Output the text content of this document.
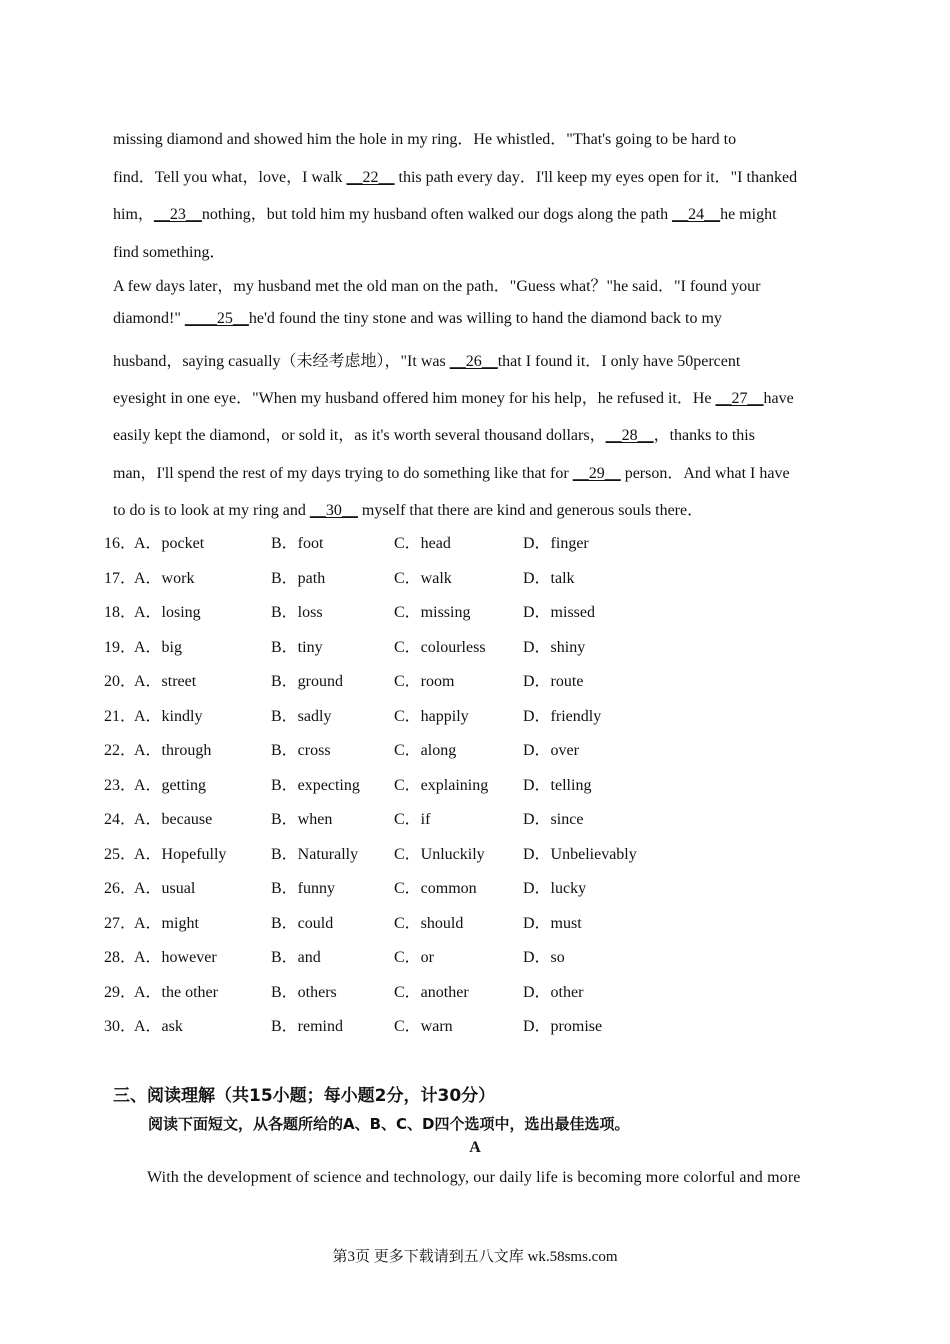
missing diamond and showed him the hole in my ring．He whistled．"That's going to be hard to
find．Tell you what，love，I walk __22__ this path every day．I'll keep my eyes open for it．"I thanked
him，__23__nothing，but told him my husband often walked our dogs along the path __24__he might
find something．
A few days later，my husband met the old man on the path．"Guess what？"he said．"I found your
diamond!" ____25__he'd found the tiny stone and was willing to hand the diamond back to my
husband，saying casually（未经考虑地），"It was __26__that I found it．I only have 50percent
eyesight in one eye．"When my husband offered him money for his help，he refused it．He __27__have
easily kept the diamond，or sold it，as it's worth several thousand dollars，__28__，thanks to this
man，I'll spend the rest of my days trying to do something like that for __29__ person．And what I have
to do is to look at my ring and __30__ myself that there are kind and generous souls there．
16．
A．pocket	B．foot	C．head	D．finger
17．
A．work	B．path	C．walk	D．talk
18．
A．losing	B．loss	C．missing	D．missed
19．
A．big	B．tiny	C．colourless D．shiny
20．
A．street	B．ground	C．room	D．route
21．
A．kindly	B．sadly	C．happily	D．friendly
22．
A．through	B．cross	C．along	D．over
23．
A．getting	B．expecting C．explaining D．telling
24．
A．because	B．when	C．if	D．since
25．
A．Hopefully	B．Naturally C．Unluckily D．Unbelievably
26．
A．usual	B．funny	C．common	D．lucky
27．
A．might	B．could	C．should	D．must
28．
A．however	B．and	C．or	D．so
29．
A．the other	B．others	C．another	D．other
30．
A．ask	B．remind	C．warn	D．promise
三、阅读理解（共15小题；每小题2分，计30分）
阅读下面短文，从各题所给的A、B、C、D四个选项中，选出最佳选项。
A
With the development of science and technology, our daily life is becoming more colorful and more
第3页 更多下载请到五八文库 wk.58sms.com
